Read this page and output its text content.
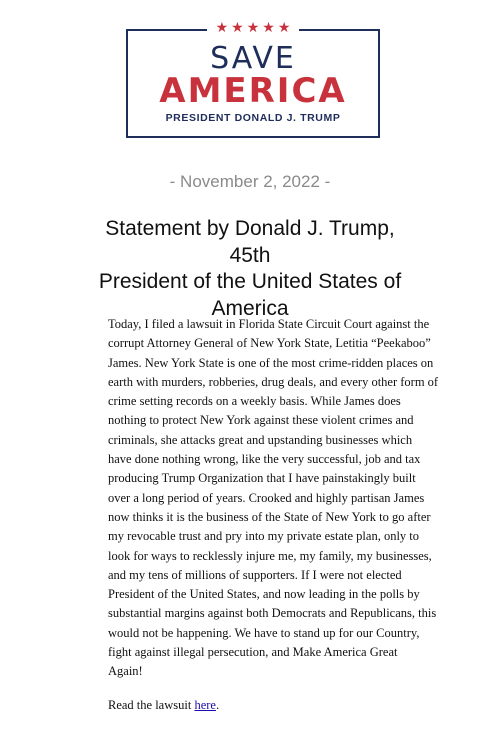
★★★★★
SAVE
AMERICA
PRESIDENT DONALD J. TRUMP
- November 2, 2022 -
Statement by Donald J. Trump, 45th
President of the United States of
America
Today, I filed a lawsuit in Florida State Circuit Court against the
corrupt Attorney General of New York State, Letitia “Peekaboo”
James. New York State is one of the most crime-ridden places on
earth with murders, robberies, drug deals, and every other form of
crime setting records on a weekly basis. While James does
nothing to protect New York against these violent crimes and
criminals, she attacks great and upstanding businesses which
have done nothing wrong, like the very successful, job and tax
producing Trump Organization that I have painstakingly built
over a long period of years. Crooked and highly partisan James
now thinks it is the business of the State of New York to go after
my revocable trust and pry into my private estate plan, only to
look for ways to recklessly injure me, my family, my businesses,
and my tens of millions of supporters. If I were not elected
President of the United States, and now leading in the polls by
substantial margins against both Democrats and Republicans, this
would not be happening. We have to stand up for our Country,
fight against illegal persecution, and Make America Great
Again!
Read the lawsuit here.
